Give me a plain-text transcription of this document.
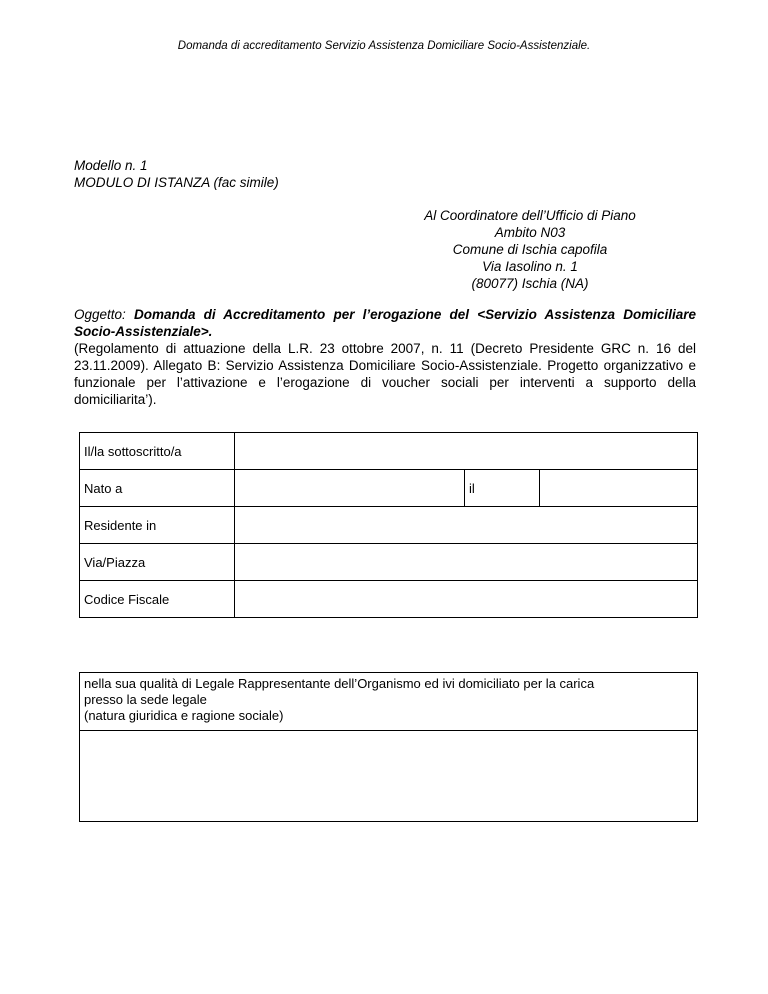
Domanda di accreditamento Servizio Assistenza Domiciliare Socio-Assistenziale.
Modello n. 1
MODULO DI ISTANZA (fac simile)
Al Coordinatore dell’Ufficio di Piano
Ambito N03
Comune di Ischia capofila
Via Iasolino n. 1
(80077) Ischia (NA)
Oggetto: Domanda di Accreditamento per l’erogazione del <Servizio Assistenza Domiciliare Socio-Assistenziale>.
(Regolamento di attuazione della L.R. 23 ottobre 2007, n. 11 (Decreto Presidente GRC n. 16 del 23.11.2009). Allegato B: Servizio Assistenza Domiciliare Socio-Assistenziale. Progetto organizzativo e funzionale per l’attivazione e l’erogazione di voucher sociali per interventi a supporto della domiciliarita’).
Il/la sottoscritto/a			
Nato a		il	
Residente in			
Via/Piazza			
Codice Fiscale			
nella sua qualità di Legale Rappresentante dell’Organismo ed ivi domiciliato per la carica
presso la sede legale
(natura giuridica e ragione sociale)
